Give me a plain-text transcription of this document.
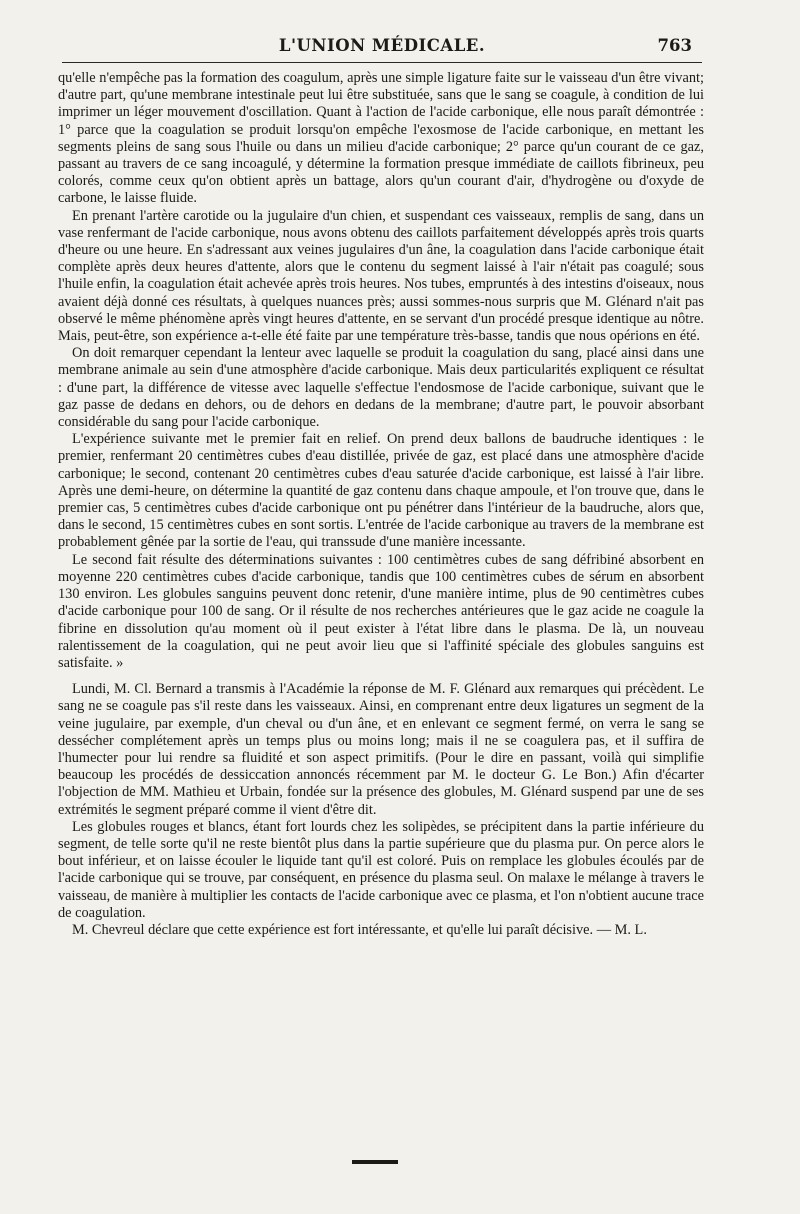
L'UNION MÉDICALE.	763

qu'elle n'empêche pas la formation des coagulum, après une simple ligature faite sur le vaisseau d'un être vivant; d'autre part, qu'une membrane intestinale peut lui être substituée, sans que le sang se coagule, à condition de lui imprimer un léger mouvement d'oscillation. Quant à l'action de l'acide carbonique, elle nous paraît démontrée : 1° parce que la coagulation se produit lorsqu'on empêche l'exosmose de l'acide carbonique, en mettant les segments pleins de sang sous l'huile ou dans un milieu d'acide carbonique; 2° parce qu'un courant de ce gaz, passant au travers de ce sang incoagulé, y détermine la formation presque immédiate de caillots fibrineux, peu colorés, comme ceux qu'on obtient après un battage, alors qu'un courant d'air, d'hydrogène ou d'oxyde de carbone, le laisse fluide.

En prenant l'artère carotide ou la jugulaire d'un chien, et suspendant ces vaisseaux, remplis de sang, dans un vase renfermant de l'acide carbonique, nous avons obtenu des caillots parfaitement développés après trois quarts d'heure ou une heure. En s'adressant aux veines jugulaires d'un âne, la coagulation dans l'acide carbonique était complète après deux heures d'attente, alors que le contenu du segment laissé à l'air n'était pas coagulé; sous l'huile enfin, la coagulation était achevée après trois heures. Nos tubes, empruntés à des intestins d'oiseaux, nous avaient déjà donné ces résultats, à quelques nuances près; aussi sommes-nous surpris que M. Glénard n'ait pas observé le même phénomène après vingt heures d'attente, en se servant d'un procédé presque identique au nôtre. Mais, peut-être, son expérience a-t-elle été faite par une température très-basse, tandis que nous opérions en été.

On doit remarquer cependant la lenteur avec laquelle se produit la coagulation du sang, placé ainsi dans une membrane animale au sein d'une atmosphère d'acide carbonique. Mais deux particularités expliquent ce résultat : d'une part, la différence de vitesse avec laquelle s'effectue l'endosmose de l'acide carbonique, suivant que le gaz passe de dedans en dehors, ou de dehors en dedans de la membrane; d'autre part, le pouvoir absorbant considérable du sang pour l'acide carbonique.

L'expérience suivante met le premier fait en relief. On prend deux ballons de baudruche identiques : le premier, renfermant 20 centimètres cubes d'eau distillée, privée de gaz, est placé dans une atmosphère d'acide carbonique; le second, contenant 20 centimètres cubes d'eau saturée d'acide carbonique, est laissé à l'air libre. Après une demi-heure, on détermine la quantité de gaz contenu dans chaque ampoule, et l'on trouve que, dans le premier cas, 5 centimètres cubes d'acide carbonique ont pu pénétrer dans l'intérieur de la baudruche, alors que, dans le second, 15 centimètres cubes en sont sortis. L'entrée de l'acide carbonique au travers de la membrane est probablement gênée par la sortie de l'eau, qui transsude d'une manière incessante.

Le second fait résulte des déterminations suivantes : 100 centimètres cubes de sang défribiné absorbent en moyenne 220 centimètres cubes d'acide carbonique, tandis que 100 centimètres cubes de sérum en absorbent 130 environ. Les globules sanguins peuvent donc retenir, d'une manière intime, plus de 90 centimètres cubes d'acide carbonique pour 100 de sang. Or il résulte de nos recherches antérieures que le gaz acide ne coagule la fibrine en dissolution qu'au moment où il peut exister à l'état libre dans le plasma. De là, un nouveau ralentissement de la coagulation, qui ne peut avoir lieu que si l'affinité spéciale des globules sanguins est satisfaite. »

Lundi, M. Cl. Bernard a transmis à l'Académie la réponse de M. F. Glénard aux remarques qui précèdent. Le sang ne se coagule pas s'il reste dans les vaisseaux. Ainsi, en comprenant entre deux ligatures un segment de la veine jugulaire, par exemple, d'un cheval ou d'un âne, et en enlevant ce segment fermé, on verra le sang se dessécher complétement après un temps plus ou moins long; mais il ne se coagulera pas, et il suffira de l'humecter pour lui rendre sa fluidité et son aspect primitifs. (Pour le dire en passant, voilà qui simplifie beaucoup les procédés de dessiccation annoncés récemment par M. le docteur G. Le Bon.) Afin d'écarter l'objection de MM. Mathieu et Urbain, fondée sur la présence des globules, M. Glénard suspend par une de ses extrémités le segment préparé comme il vient d'être dit.

Les globules rouges et blancs, étant fort lourds chez les solipèdes, se précipitent dans la partie inférieure du segment, de telle sorte qu'il ne reste bientôt plus dans la partie supérieure que du plasma pur. On perce alors le bout inférieur, et on laisse écouler le liquide tant qu'il est coloré. Puis on remplace les globules écoulés par de l'acide carbonique qui se trouve, par conséquent, en présence du plasma seul. On malaxe le mélange à travers le vaisseau, de manière à multiplier les contacts de l'acide carbonique avec ce plasma, et l'on n'obtient aucune trace de coagulation.

M. Chevreul déclare que cette expérience est fort intéressante, et qu'elle lui paraît décisive. — M. L.
